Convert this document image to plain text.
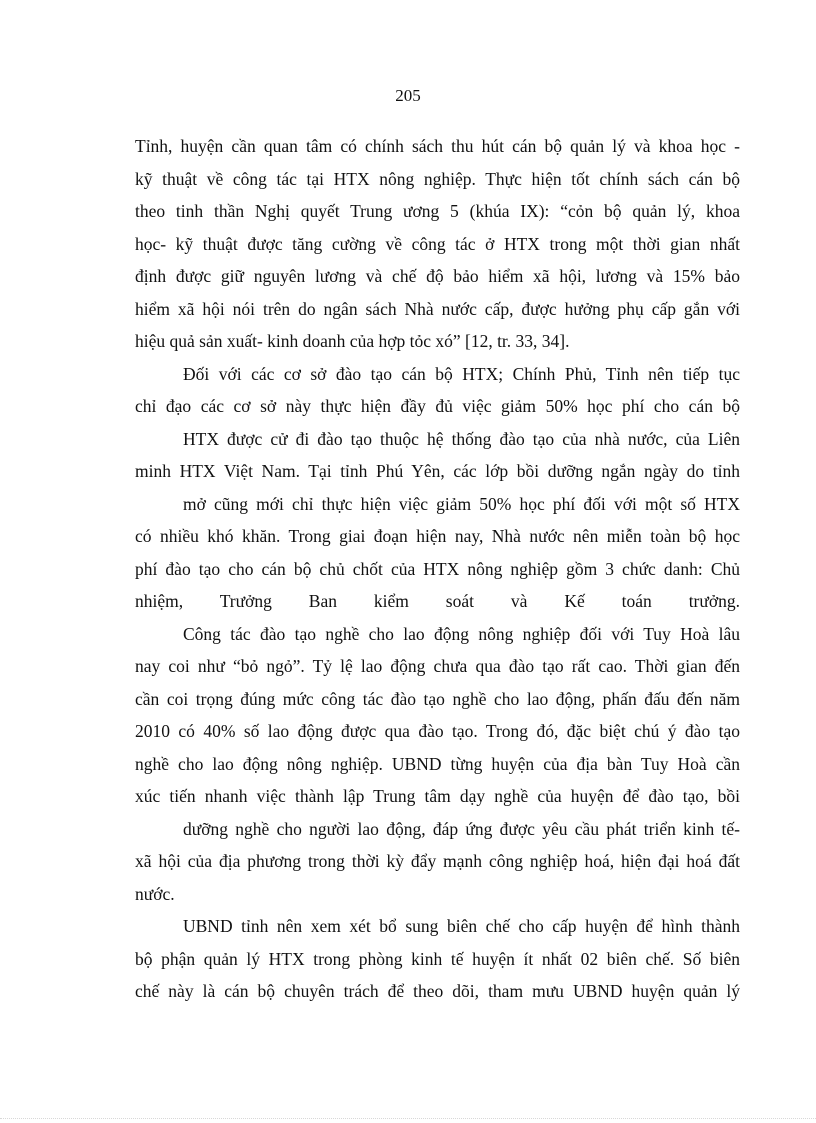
205
Tỉnh, huyện cần quan tâm có chính sách thu hút cán bộ quản lý và khoa học -
kỹ thuật về công tác tại HTX nông nghiệp. Thực hiện tốt chính sách cán bộ
theo tinh thần Nghị quyết Trung ương 5 (khúa IX): “cỏn bộ quản lý, khoa
học- kỹ thuật được tăng cường về công tác ở HTX trong một thời gian nhất
định được giữ nguyên lương và chế độ bảo hiểm xã hội, lương và 15% bảo
hiểm xã hội nói trên do ngân sách Nhà nước cấp, được hưởng phụ cấp gắn với
hiệu quả sản xuất- kinh doanh của hợp tỏc xó” [12, tr. 33, 34].
Đối với các cơ sở đào tạo cán bộ HTX; Chính Phủ, Tỉnh nên tiếp tục
chỉ đạo các cơ sở này thực hiện đầy đủ việc giảm 50% học phí cho cán bộ
HTX được cử đi đào tạo thuộc hệ thống đào tạo của nhà nước, của Liên
minh HTX Việt Nam. Tại tỉnh Phú Yên, các lớp bồi dưỡng ngắn ngày do tỉnh
mở cũng mới chỉ thực hiện việc giảm 50% học phí đối với một số HTX
có nhiều khó khăn. Trong giai đoạn hiện nay, Nhà nước nên miễn toàn bộ học
phí đào tạo cho cán bộ chủ chốt của HTX nông nghiệp gồm 3 chức danh: Chủ
nhiệm, Trưởng Ban kiểm soát và Kế toán trưởng.
Công tác đào tạo nghề cho lao động nông nghiệp đối với Tuy Hoà lâu
nay coi như “bỏ ngỏ”. Tỷ lệ lao động chưa qua đào tạo rất cao. Thời gian đến
cần coi trọng đúng mức công tác đào tạo nghề cho lao động, phấn đấu đến năm
2010 có 40% số lao động được qua đào tạo. Trong đó, đặc biệt chú ý đào tạo
nghề cho lao động nông nghiệp. UBND từng huyện của địa bàn Tuy Hoà cần
xúc tiến nhanh việc thành lập Trung tâm dạy nghề của huyện để đào tạo, bồi
dưỡng nghề cho người lao động, đáp ứng được yêu cầu phát triển kinh tế-
xã hội của địa phương trong thời kỳ đẩy mạnh công nghiệp hoá, hiện đại hoá đất
nước.
UBND tỉnh nên xem xét bổ sung biên chế cho cấp huyện để hình thành
bộ phận quản lý HTX trong phòng kinh tế huyện ít nhất 02 biên chế. Số biên
chế này là cán bộ chuyên trách để theo dõi, tham mưu UBND huyện quản lý
